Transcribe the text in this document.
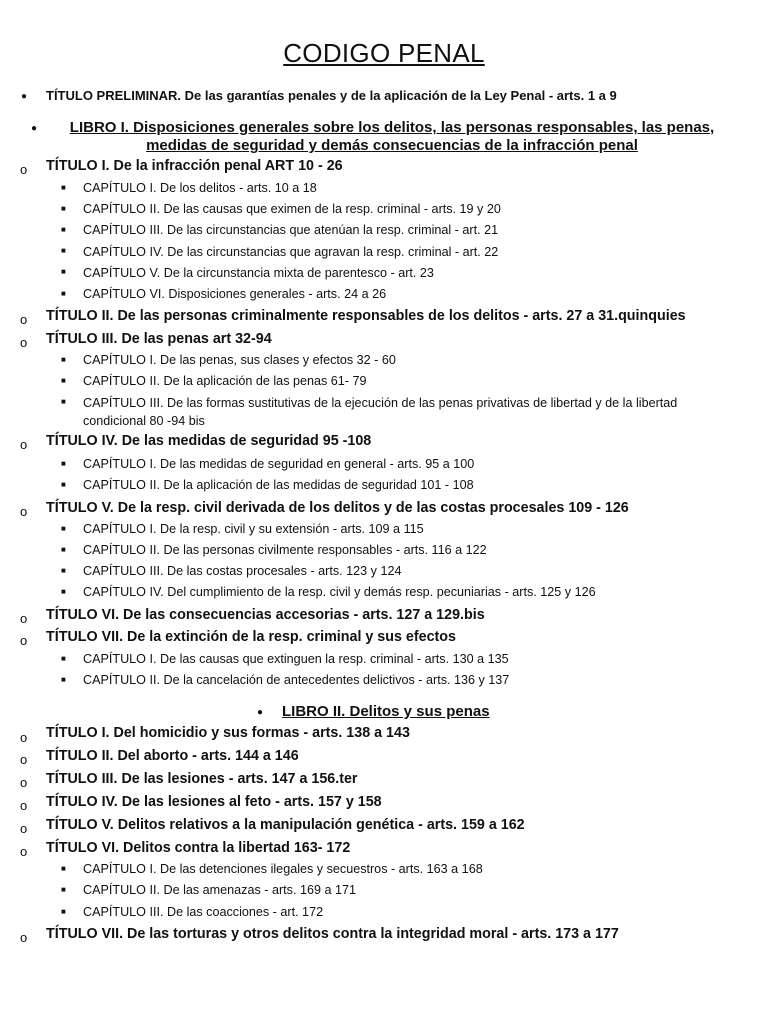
CODIGO PENAL
● TÍTULO PRELIMINAR. De las garantías penales y de la aplicación de la Ley Penal - arts. 1 a 9
●	LIBRO I. Disposiciones generales sobre los delitos, las personas responsables, las penas,
medidas de seguridad y demás consecuencias de la infracción penal
o TÍTULO I. De la infracción penal ART 10 - 26
■ CAPÍTULO I. De los delitos - arts. 10 a 18
■ CAPÍTULO II. De las causas que eximen de la resp. criminal - arts. 19 y 20
■ CAPÍTULO III. De las circunstancias que atenúan la resp. criminal - art. 21
■ CAPÍTULO IV. De las circunstancias que agravan la resp. criminal - art. 22
■ CAPÍTULO V. De la circunstancia mixta de parentesco - art. 23
■ CAPÍTULO VI. Disposiciones generales - arts. 24 a 26
o TÍTULO II. De las personas criminalmente responsables de los delitos - arts. 27 a 31.quinquies
o TÍTULO III. De las penas art 32-94
■ CAPÍTULO I. De las penas, sus clases y efectos 32 - 60
■ CAPÍTULO II. De la aplicación de las penas 61- 79
■ CAPÍTULO III. De las formas sustitutivas de la ejecución de las penas privativas de libertad y de la libertad condicional 80 -94 bis
o TÍTULO IV. De las medidas de seguridad 95 -108
■ CAPÍTULO I. De las medidas de seguridad en general - arts. 95 a 100
■ CAPÍTULO II. De la aplicación de las medidas de seguridad 101 - 108
o TÍTULO V. De la resp. civil derivada de los delitos y de las costas procesales 109 - 126
■ CAPÍTULO I. De la resp. civil y su extensión - arts. 109 a 115
■ CAPÍTULO II. De las personas civilmente responsables - arts. 116 a 122
■ CAPÍTULO III. De las costas procesales - arts. 123 y 124
■ CAPÍTULO IV. Del cumplimiento de la resp. civil y demás resp. pecuniarias - arts. 125 y 126
o TÍTULO VI. De las consecuencias accesorias - arts. 127 a 129.bis
o TÍTULO VII. De la extinción de la resp. criminal y sus efectos
■ CAPÍTULO I. De las causas que extinguen la resp. criminal - arts. 130 a 135
■ CAPÍTULO II. De la cancelación de antecedentes delictivos - arts. 136 y 137
● LIBRO II. Delitos y sus penas
o TÍTULO I. Del homicidio y sus formas - arts. 138 a 143
o TÍTULO II. Del aborto - arts. 144 a 146
o TÍTULO III. De las lesiones - arts. 147 a 156.ter
o TÍTULO IV. De las lesiones al feto - arts. 157 y 158
o TÍTULO V. Delitos relativos a la manipulación genética - arts. 159 a 162
o TÍTULO VI. Delitos contra la libertad 163- 172
■ CAPÍTULO I. De las detenciones ilegales y secuestros - arts. 163 a 168
■ CAPÍTULO II. De las amenazas - arts. 169 a 171
■ CAPÍTULO III. De las coacciones - art. 172
o TÍTULO VII. De las torturas y otros delitos contra la integridad moral - arts. 173 a 177
